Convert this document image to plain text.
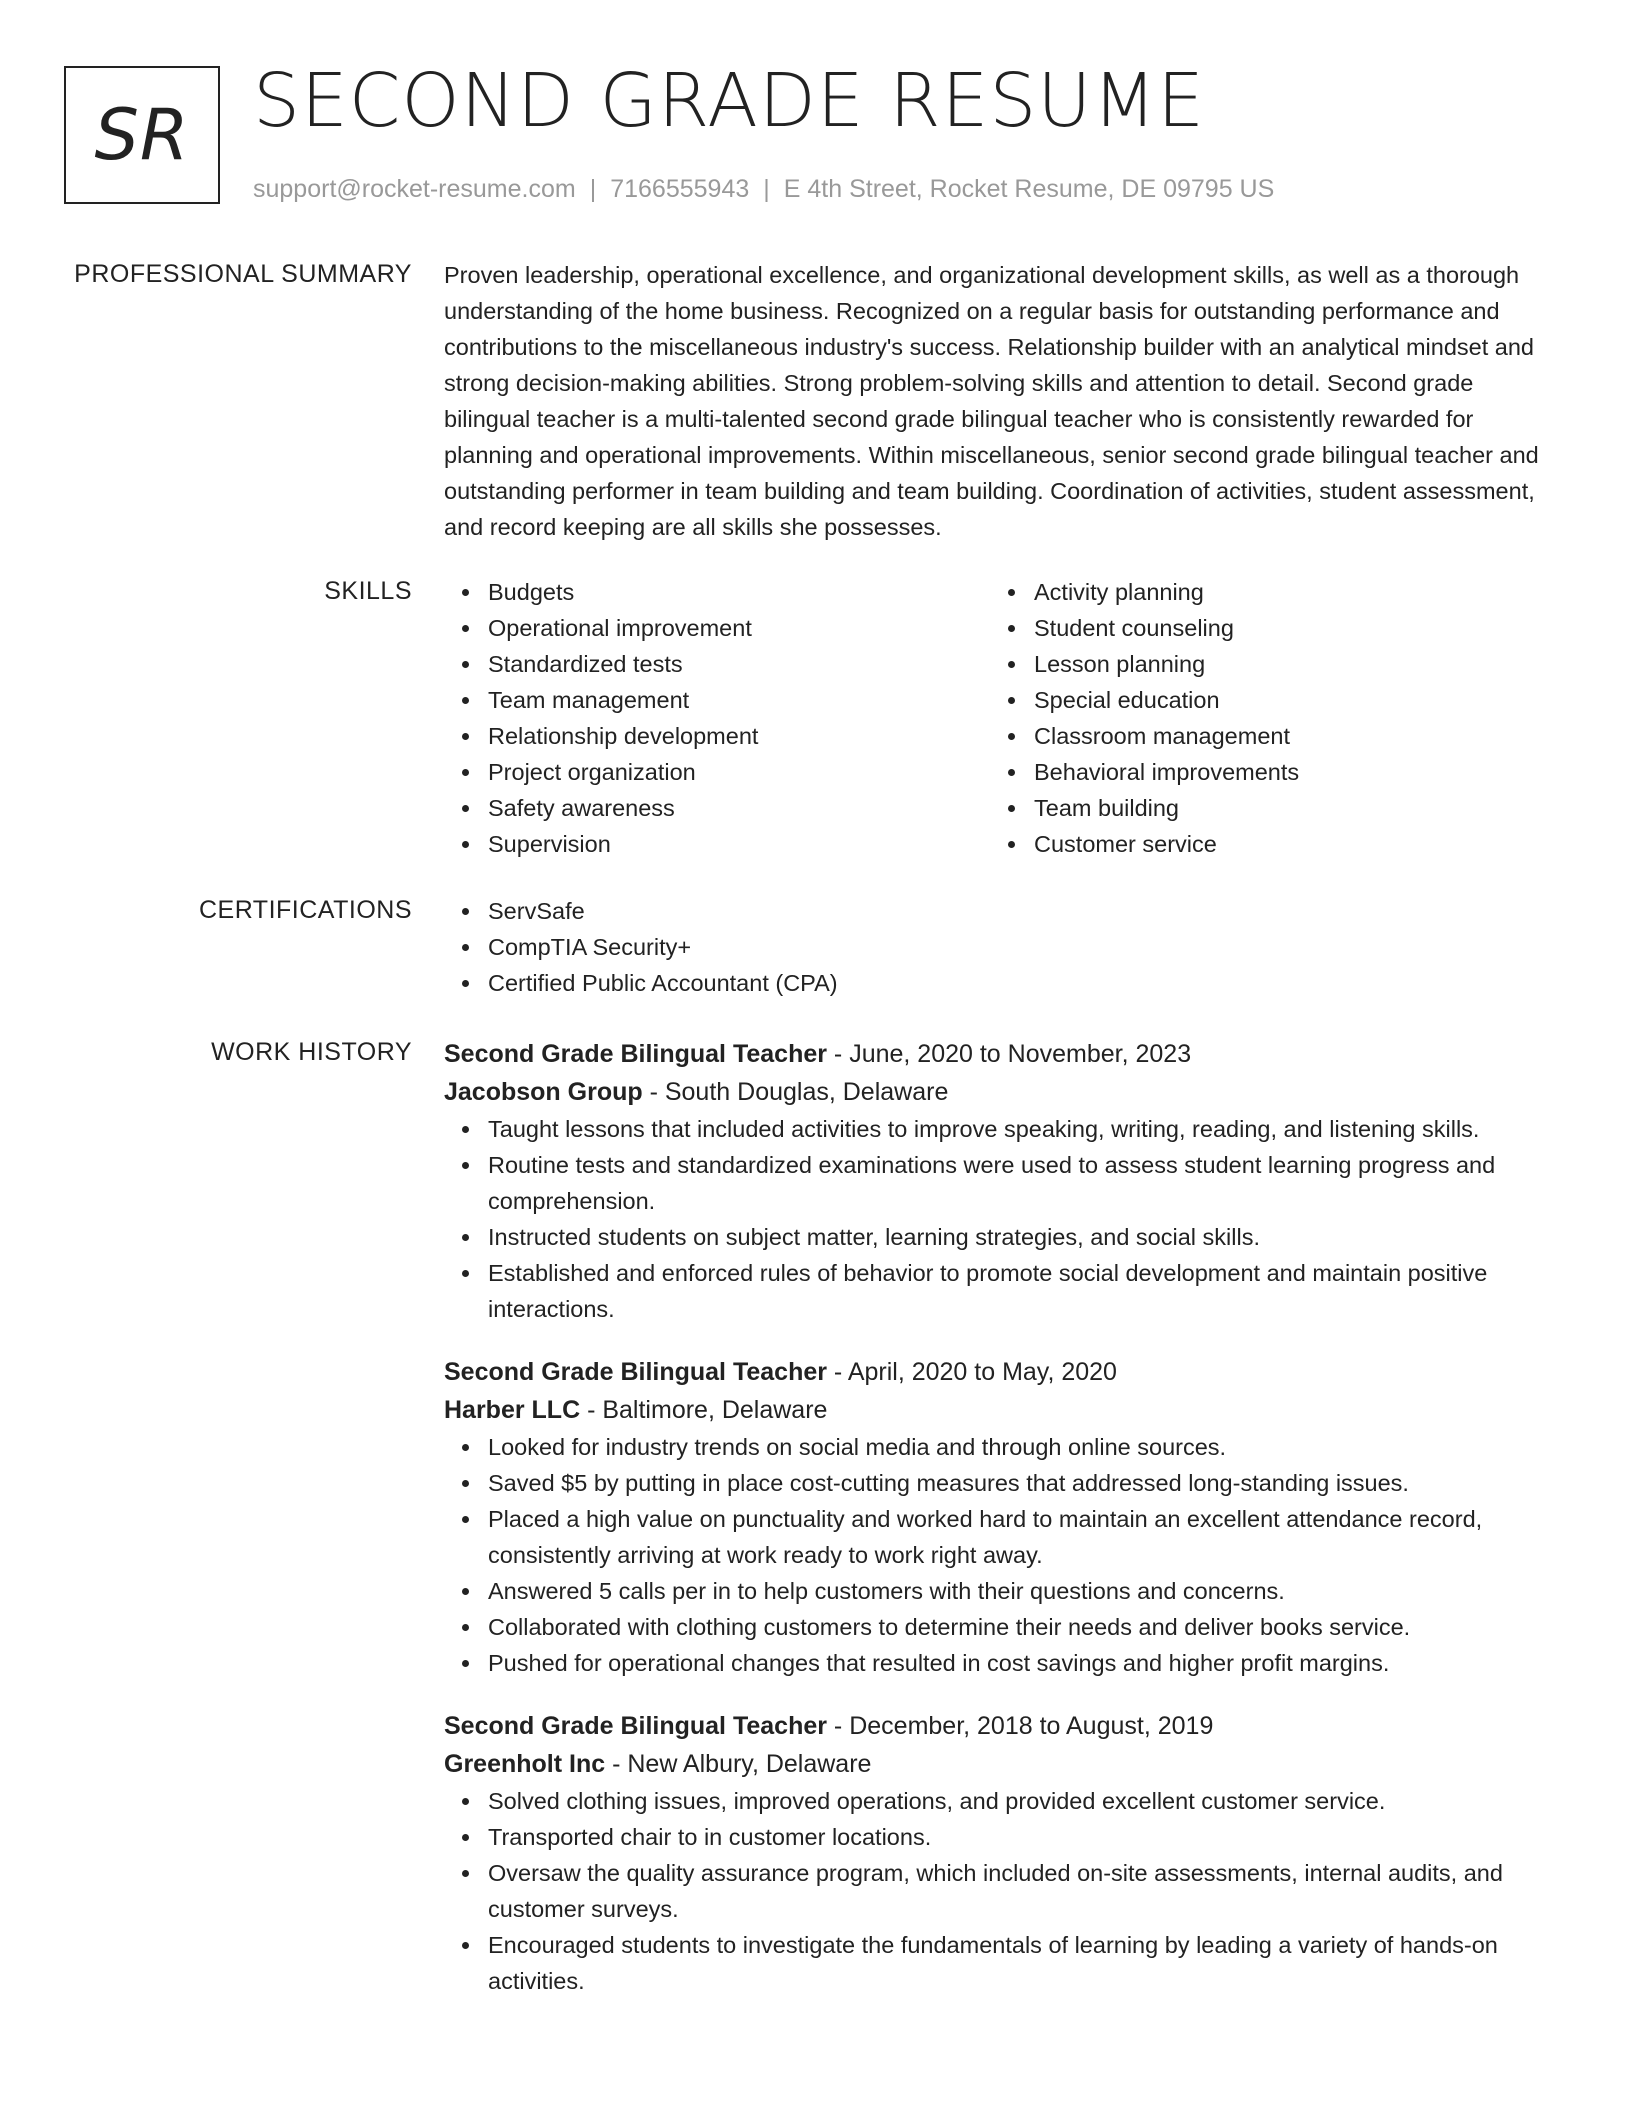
SR SECOND GRADE RESUME
support@rocket-resume.com | 7166555943 | E 4th Street, Rocket Resume, DE 09795 US
PROFESSIONAL SUMMARY Proven leadership, operational excellence, and organizational development skills, as well as a thorough understanding of the home business. Recognized on a regular basis for outstanding performance and contributions to the miscellaneous industry's success. Relationship builder with an analytical mindset and strong decision-making abilities. Strong problem-solving skills and attention to detail. Second grade bilingual teacher is a multi-talented second grade bilingual teacher who is consistently rewarded for planning and operational improvements. Within miscellaneous, senior second grade bilingual teacher and outstanding performer in team building and team building. Coordination of activities, student assessment, and record keeping are all skills she possesses.

SKILLS	Budgets
Operational improvement
Standardized tests
Team management
Relationship development
Project organization
Safety awareness
Supervision
Activity planning
Student counseling
Lesson planning
Special education
Classroom management
Behavioral improvements
Team building
Customer service
CERTIFICATIONS	ServSafe
CompTIA Security+
Certified Public Accountant (CPA)
WORK HISTORY Second Grade Bilingual Teacher - June, 2020 to November, 2023
Jacobson Group - South Douglas, Delaware
Taught lessons that included activities to improve speaking, writing, reading, and listening skills.
Routine tests and standardized examinations were used to assess student learning progress and comprehension.
Instructed students on subject matter, learning strategies, and social skills.
Established and enforced rules of behavior to promote social development and maintain positive interactions.
Second Grade Bilingual Teacher - April, 2020 to May, 2020
Harber LLC - Baltimore, Delaware
Looked for industry trends on social media and through online sources.
Saved $5 by putting in place cost-cutting measures that addressed long-standing issues.
Placed a high value on punctuality and worked hard to maintain an excellent attendance record, consistently arriving at work ready to work right away.
Answered 5 calls per in to help customers with their questions and concerns.
Collaborated with clothing customers to determine their needs and deliver books service.
Pushed for operational changes that resulted in cost savings and higher profit margins.
Second Grade Bilingual Teacher - December, 2018 to August, 2019
Greenholt Inc - New Albury, Delaware
Solved clothing issues, improved operations, and provided excellent customer service.
Transported chair to in customer locations.
Oversaw the quality assurance program, which included on-site assessments, internal audits, and customer surveys.
Encouraged students to investigate the fundamentals of learning by leading a variety of hands-on activities.
